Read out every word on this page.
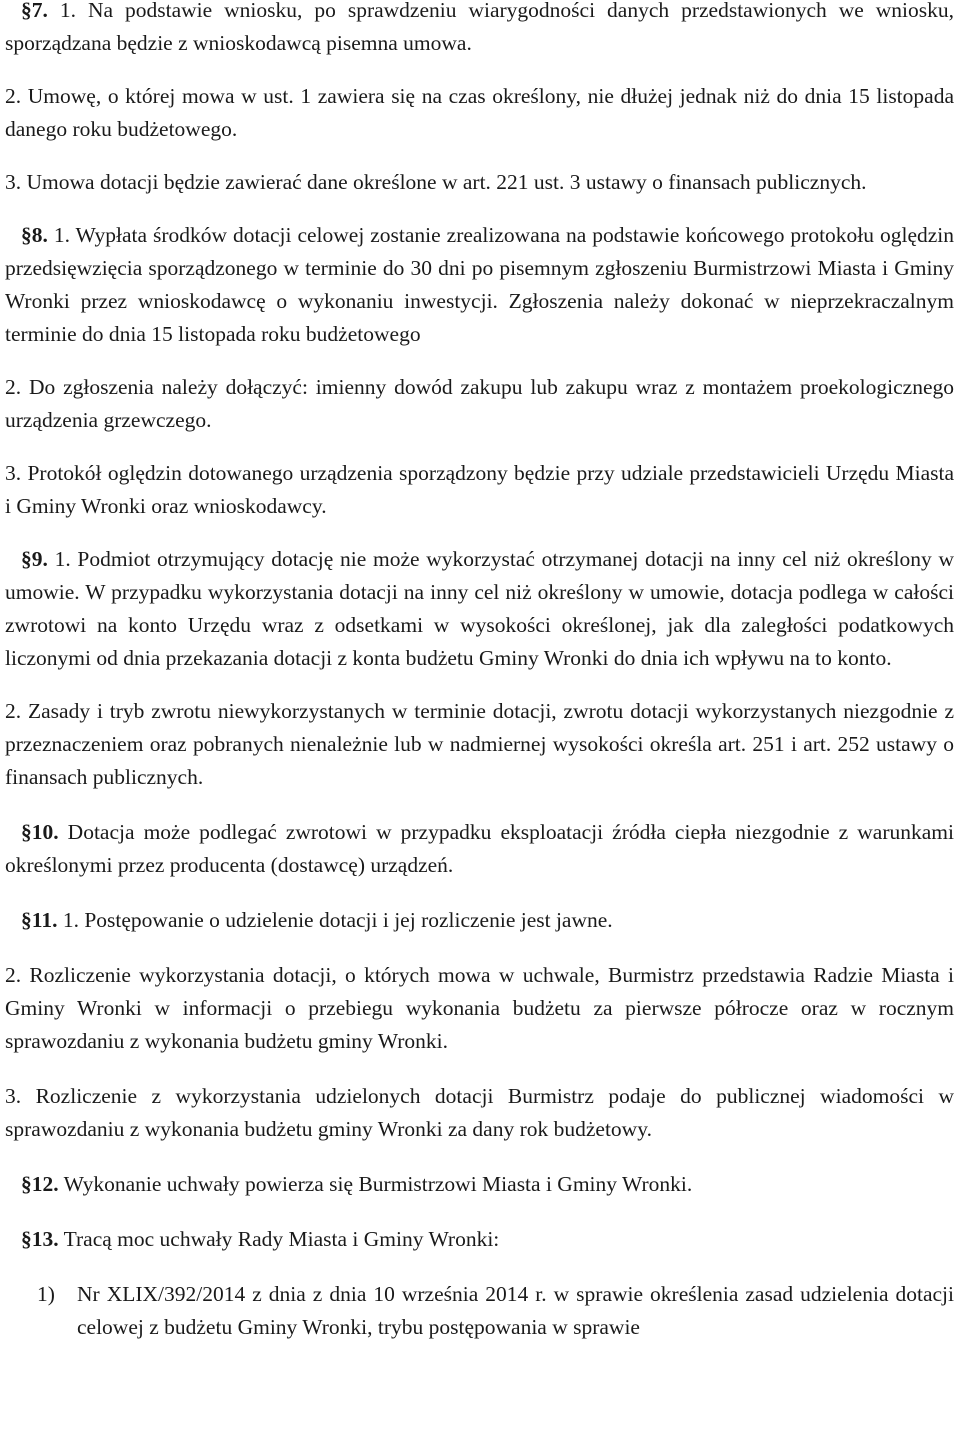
§7. 1. Na podstawie wniosku, po sprawdzeniu wiarygodności danych przedstawionych we wniosku, sporządzana będzie z wnioskodawcą pisemna umowa.

2. Umowę, o której mowa w ust. 1 zawiera się na czas określony, nie dłużej jednak niż do dnia 15 listopada danego roku budżetowego.

3. Umowa dotacji będzie zawierać dane określone w art. 221 ust. 3 ustawy o finansach publicznych.

§8. 1. Wypłata środków dotacji celowej zostanie zrealizowana na podstawie końcowego protokołu oględzin przedsięwzięcia sporządzonego w terminie do 30 dni po pisemnym zgłoszeniu Burmistrzowi Miasta i Gminy Wronki przez wnioskodawcę o wykonaniu inwestycji. Zgłoszenia należy dokonać w nieprzekraczalnym terminie do dnia 15 listopada roku budżetowego

2. Do zgłoszenia należy dołączyć: imienny dowód zakupu lub zakupu wraz z montażem proekologicznego urządzenia grzewczego.

3. Protokół oględzin dotowanego urządzenia sporządzony będzie przy udziale przedstawicieli Urzędu Miasta i Gminy Wronki oraz wnioskodawcy.

§9. 1. Podmiot otrzymujący dotację nie może wykorzystać otrzymanej dotacji na inny cel niż określony w umowie. W przypadku wykorzystania dotacji na inny cel niż określony w umowie, dotacja podlega w całości zwrotowi na konto Urzędu wraz z odsetkami w wysokości określonej, jak dla zaległości podatkowych liczonymi od dnia przekazania dotacji z konta budżetu Gminy Wronki do dnia ich wpływu na to konto.

2. Zasady i tryb zwrotu niewykorzystanych w terminie dotacji, zwrotu dotacji wykorzystanych niezgodnie z przeznaczeniem oraz pobranych nienależnie lub w nadmiernej wysokości określa art. 251 i art. 252 ustawy o finansach publicznych.

§10. Dotacja może podlegać zwrotowi w przypadku eksploatacji źródła ciepła niezgodnie z warunkami określonymi przez producenta (dostawcę) urządzeń.

§11. 1. Postępowanie o udzielenie dotacji i jej rozliczenie jest jawne.

2. Rozliczenie wykorzystania dotacji, o których mowa w uchwale, Burmistrz przedstawia Radzie Miasta i Gminy Wronki w informacji o przebiegu wykonania budżetu za pierwsze półrocze oraz w rocznym sprawozdaniu z wykonania budżetu gminy Wronki.

3. Rozliczenie z wykorzystania udzielonych dotacji Burmistrz podaje do publicznej wiadomości w sprawozdaniu z wykonania budżetu gminy Wronki za dany rok budżetowy.

§12. Wykonanie uchwały powierza się Burmistrzowi Miasta i Gminy Wronki.

§13. Tracą moc uchwały Rady Miasta i Gminy Wronki:

1)	Nr XLIX/392/2014 z dnia z dnia 10 września 2014 r. w sprawie określenia zasad udzielenia dotacji celowej z budżetu Gminy Wronki, trybu postępowania w sprawie
